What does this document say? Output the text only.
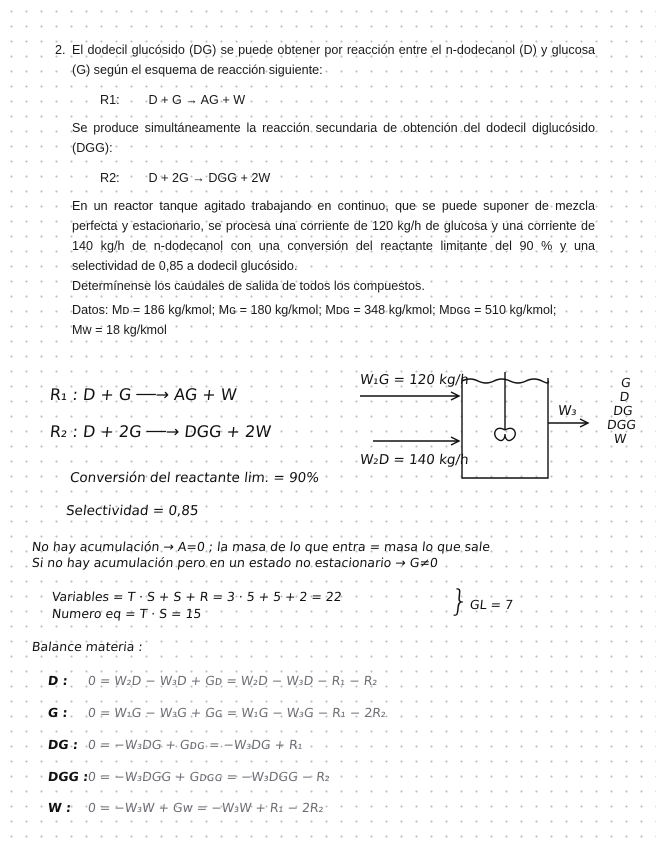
2. El dodecil glucósido (DG) se puede obtener por reacción entre el n-dodecanol (D) y glucosa (G) según el esquema de reacción siguiente:

R1: D + G → AG + W

Se produce simultáneamente la reacción secundaria de obtención del dodecil diglucósido (DGG):

R2: D + 2G → DGG + 2W

En un reactor tanque agitado trabajando en continuo, que se puede suponer de mezcla perfecta y estacionario, se procesa una corriente de 120 kg/h de glucosa y una corriente de 140 kg/h de n-dodecanol con una conversión del reactante limitante del 90 % y una selectividad de 0,85 a dodecil glucósido.

Determínense los caudales de salida de todos los compuestos.

Datos: Mᴅ = 186 kg/kmol; Mɢ = 180 kg/kmol; Mᴅɢ = 348 kg/kmol; Mᴅɢɢ = 510 kg/kmol;

Mᴡ = 18 kg/kmol

R₁ : D + G ──→ AG + W
R₂ : D + 2G ──→ DGG + 2W
W₁G = 120 kg/h
W₂D = 140 kg/h
W₃
G
D
DG
DGG
W
Conversión del reactante lim. = 90%
Selectividad = 0,85
No hay acumulación → A=0 ; la masa de lo que entra = masa lo que sale
Si no hay acumulación pero en un estado no estacionario → G≠0
Variables = T · S + S + R = 3 · 5 + 5 + 2 = 22
Numero eq = T · S = 15	}
GL = 7
Balance materia :
D : 0 = W₂D − W₃D + Gᴅ = W₂D − W₃D − R₁ − R₂
G : 0 = W₁G − W₃G + Gɢ = W₁G − W₃G − R₁ − 2R₂
DG : 0 = −W₃DG + Gᴅɢ = −W₃DG + R₁
DGG :0 = −W₃DGG + Gᴅɢɢ = −W₃DGG − R₂
W : 0 = −W₃W + Gᴡ = −W₃W + R₁ − 2R₂
